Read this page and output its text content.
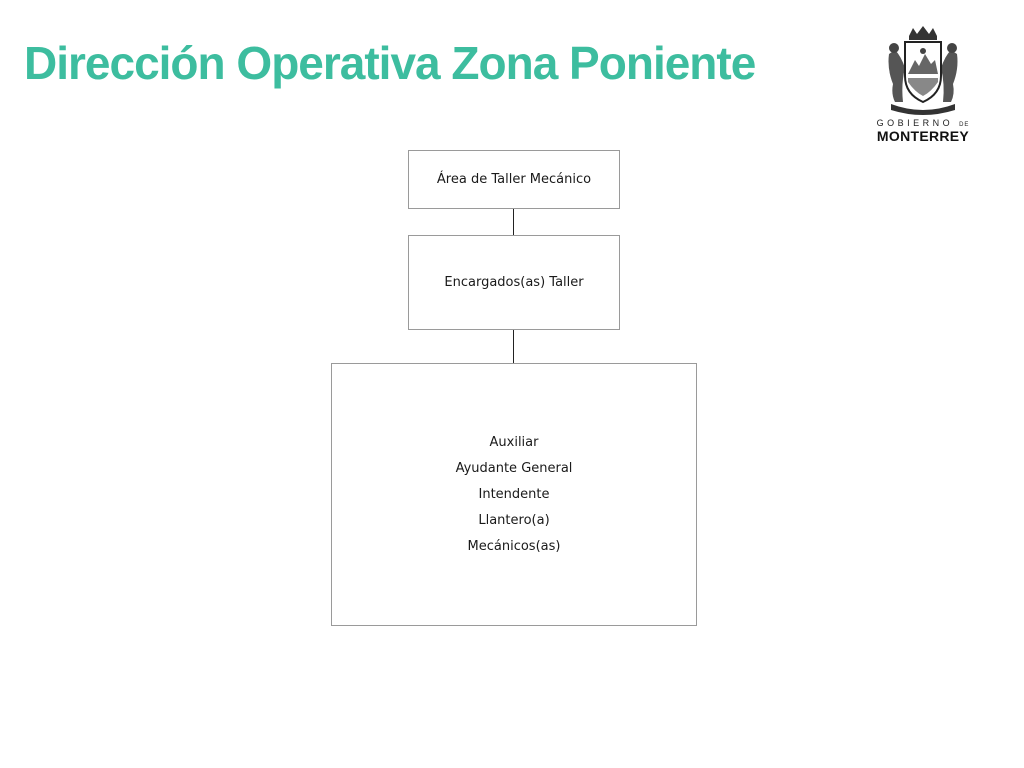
Dirección Operativa Zona Poniente
GOBIERNO DE
MONTERREY
Área de Taller Mecánico
Encargados(as) Taller
Auxiliar
Ayudante General
Intendente
Llantero(a)
Mecánicos(as)
